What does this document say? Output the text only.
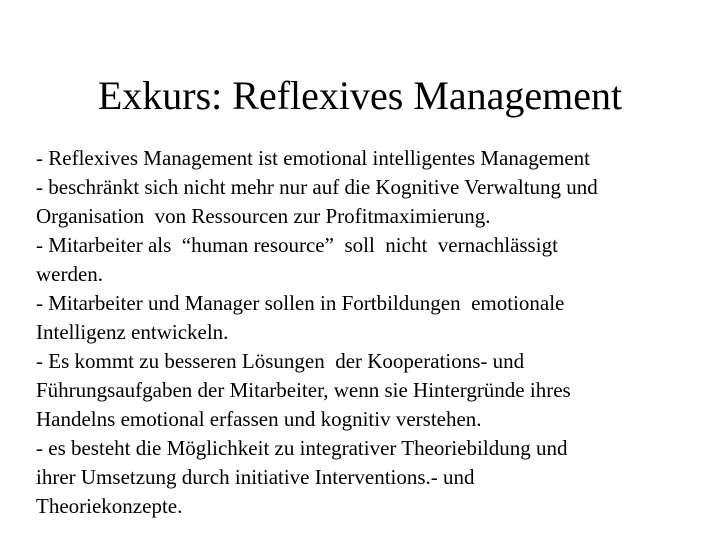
Exkurs: Reflexives Management
- Reflexives Management ist emotional intelligentes Management
- beschränkt sich nicht mehr nur auf die Kognitive Verwaltung und
Organisation  von Ressourcen zur Profitmaximierung.
- Mitarbeiter als  “human resource”  soll  nicht  vernachlässigt
werden.
- Mitarbeiter und Manager sollen in Fortbildungen  emotionale
Intelligenz entwickeln.
- Es kommt zu besseren Lösungen  der Kooperations- und
Führungsaufgaben der Mitarbeiter, wenn sie Hintergründe ihres
Handelns emotional erfassen und kognitiv verstehen.
- es besteht die Möglichkeit zu integrativer Theoriebildung und
ihrer Umsetzung durch initiative Interventions.- und
Theoriekonzepte.
